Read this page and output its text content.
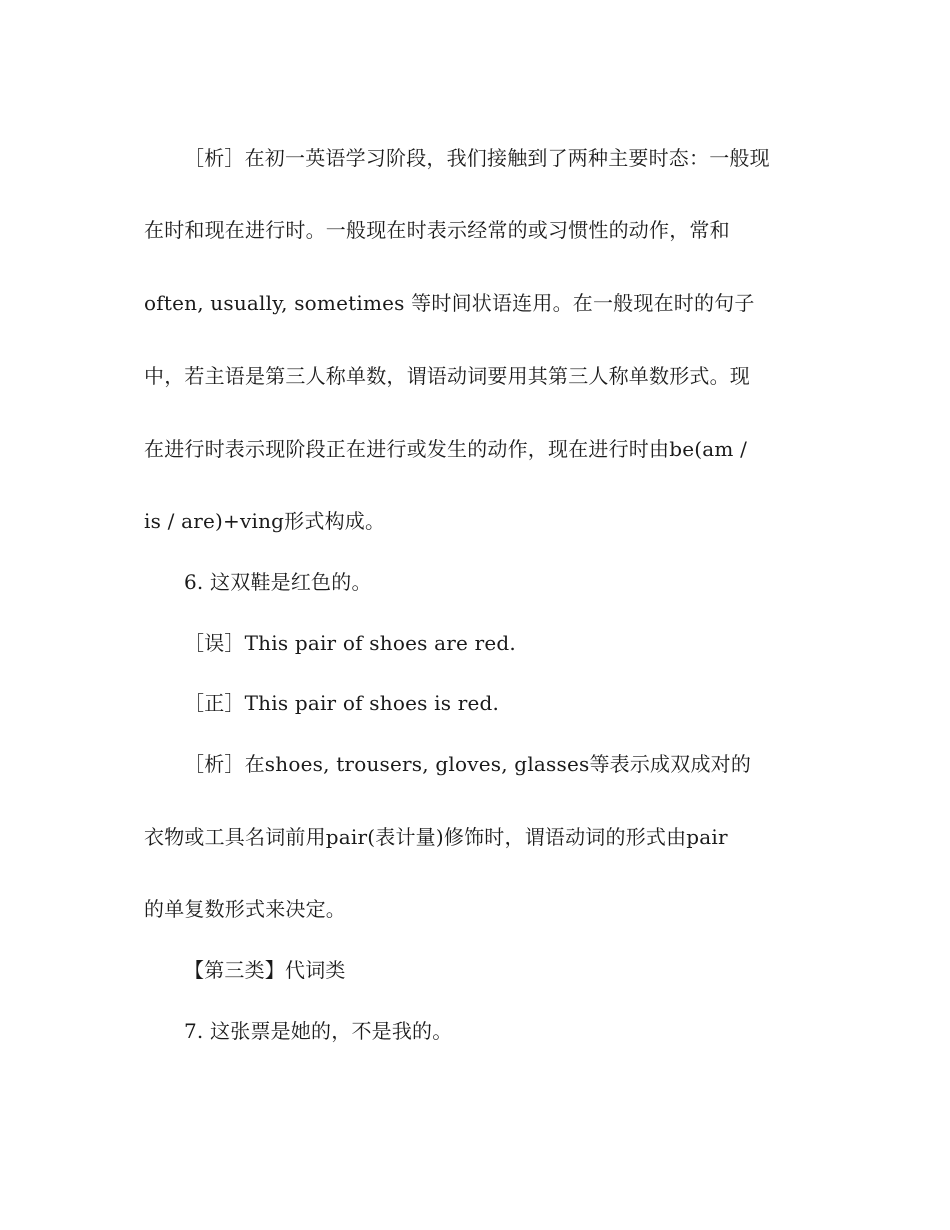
［析］在初一英语学习阶段，我们接触到了两种主要时态：一般现
在时和现在进行时。一般现在时表示经常的或习惯性的动作，常和
often, usually, sometimes 等时间状语连用。在一般现在时的句子
中，若主语是第三人称单数，谓语动词要用其第三人称单数形式。现
在进行时表示现阶段正在进行或发生的动作，现在进行时由be(am /
is / are)+ving形式构成。
6. 这双鞋是红色的。
［误］This pair of shoes are red.
［正］This pair of shoes is red.
［析］在shoes, trousers, gloves, glasses等表示成双成对的
衣物或工具名词前用pair(表计量)修饰时，谓语动词的形式由pair
的单复数形式来决定。
【第三类】代词类
7. 这张票是她的，不是我的。
